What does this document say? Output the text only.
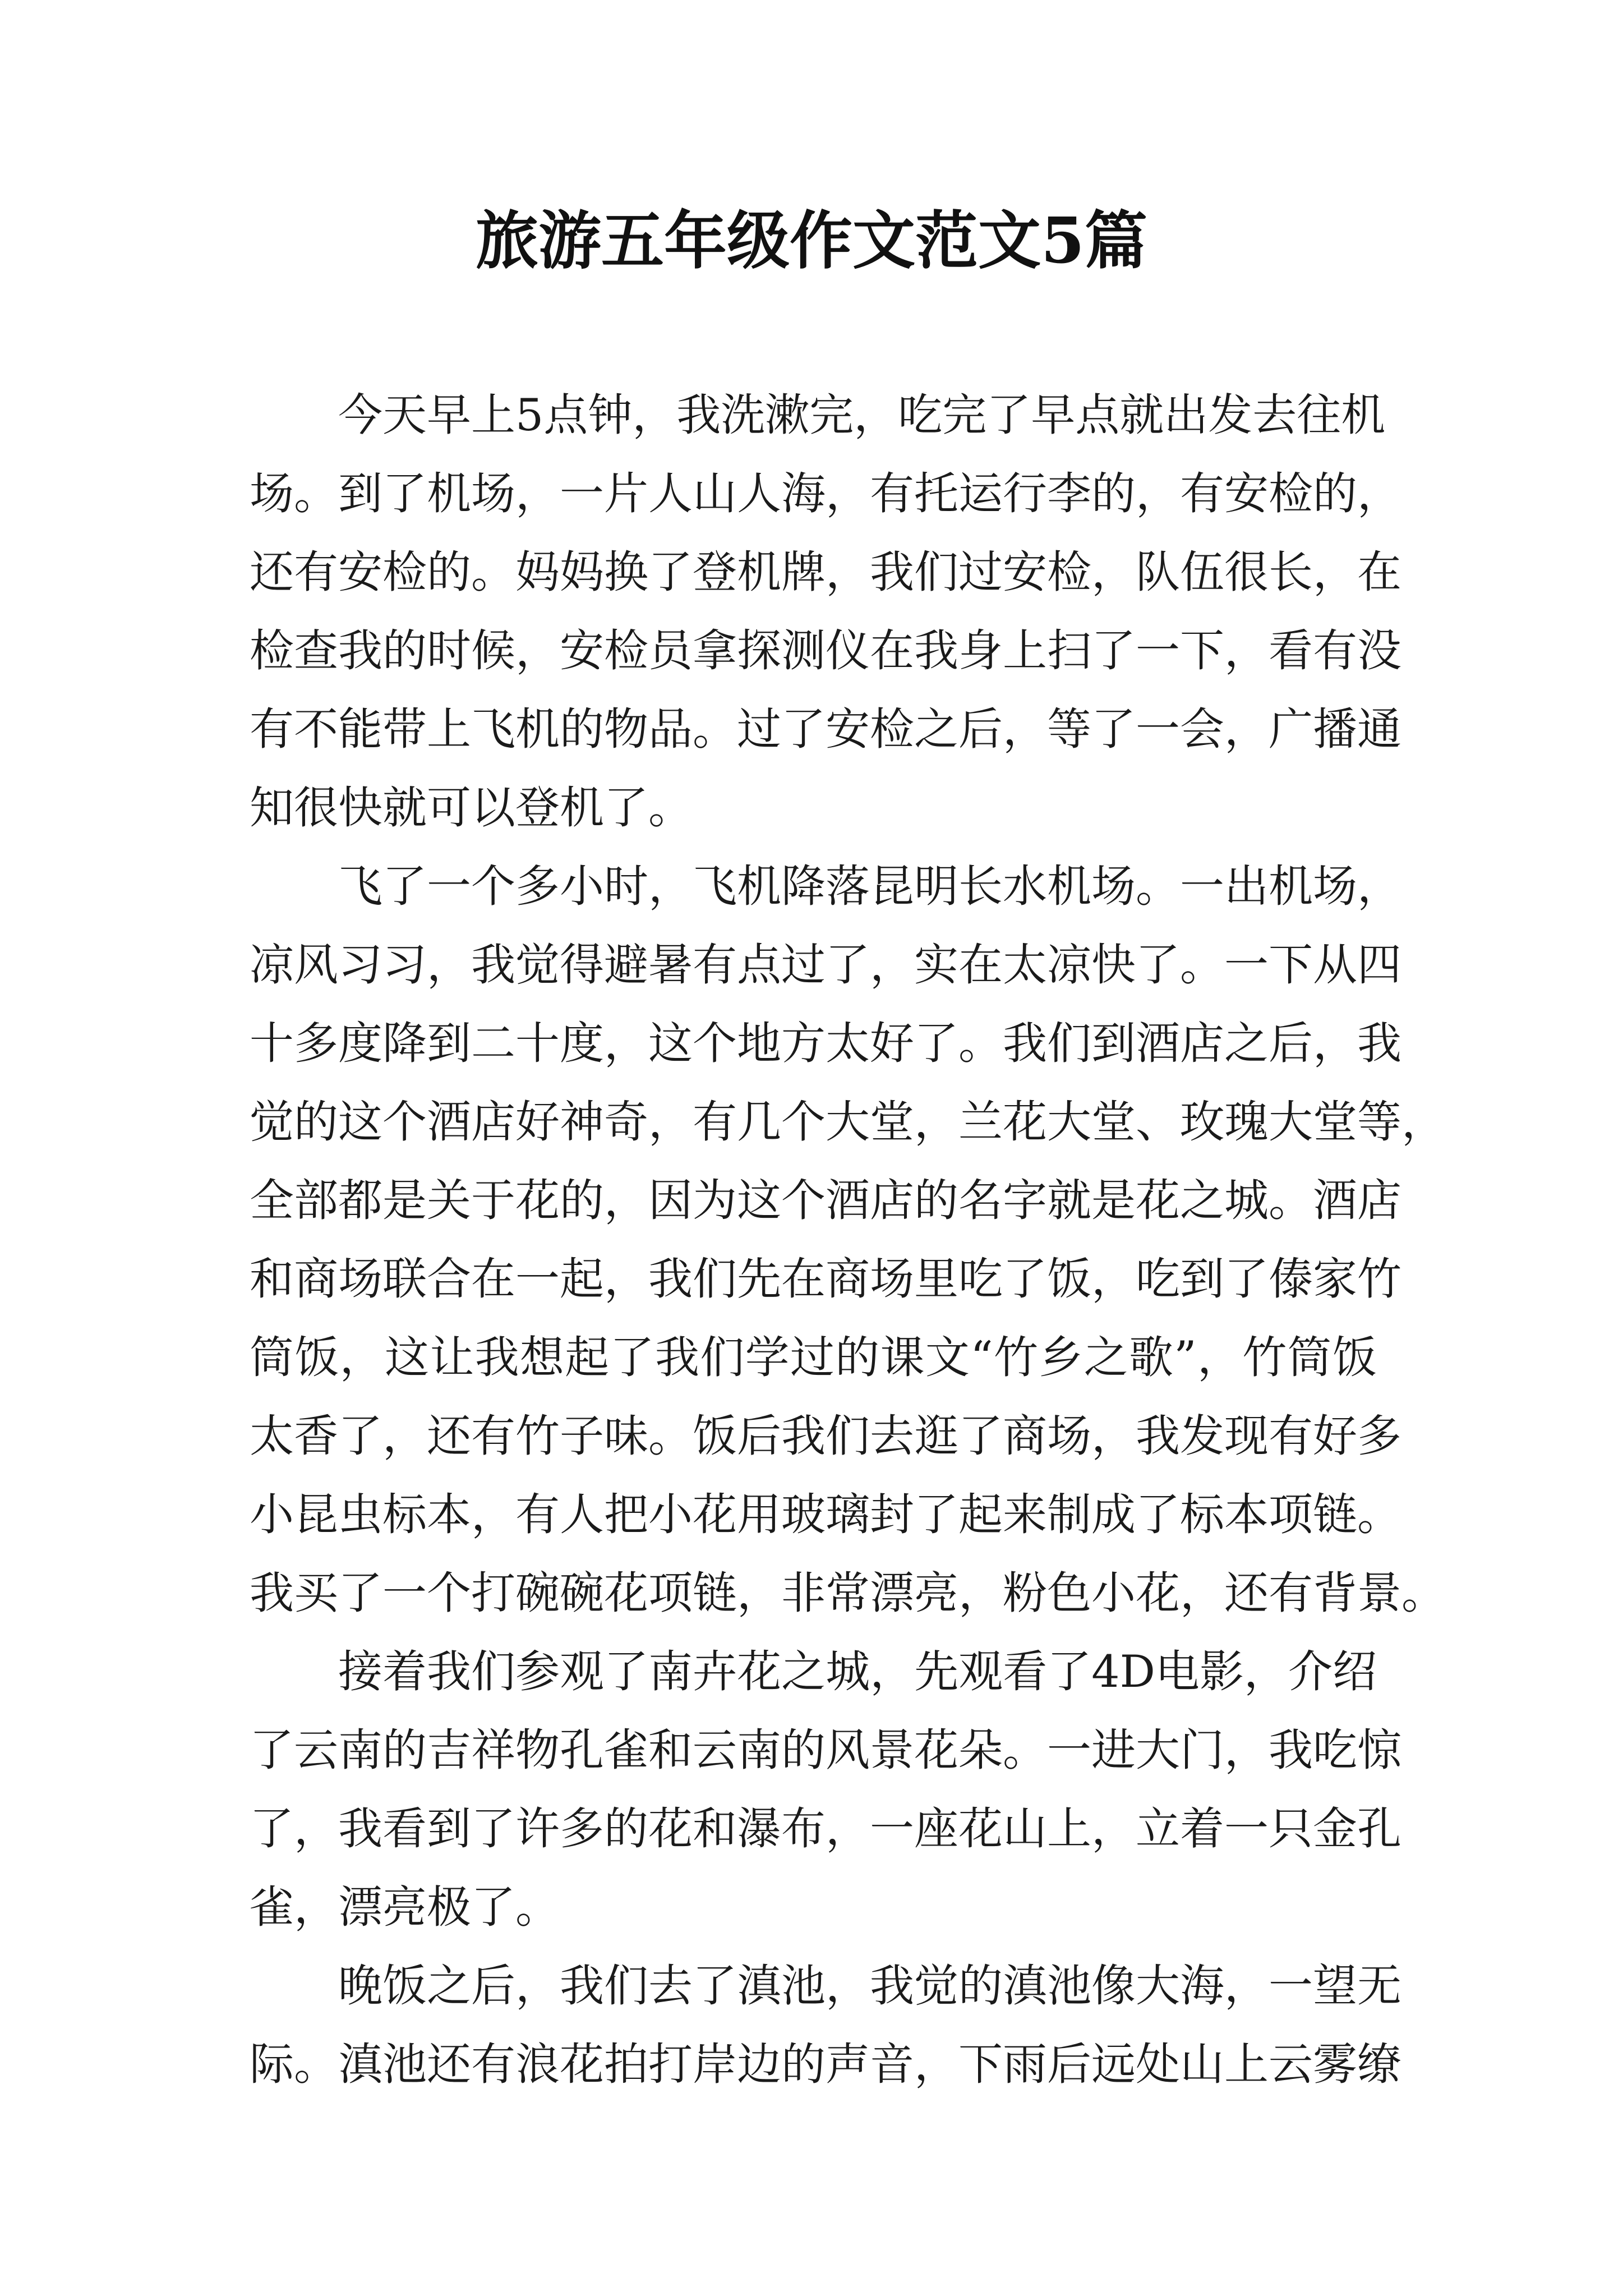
旅游五年级作文范文5篇
今天早上5点钟，我洗漱完，吃完了早点就出发去往机
场。到了机场，一片人山人海，有托运行李的，有安检的，
还有安检的。妈妈换了登机牌，我们过安检，队伍很长，在
检查我的时候，安检员拿探测仪在我身上扫了一下，看有没
有不能带上飞机的物品。过了安检之后，等了一会，广播通
知很快就可以登机了。
飞了一个多小时，飞机降落昆明长水机场。一出机场，
凉风习习，我觉得避暑有点过了，实在太凉快了。一下从四
十多度降到二十度，这个地方太好了。我们到酒店之后，我
觉的这个酒店好神奇，有几个大堂，兰花大堂、玫瑰大堂等，
全部都是关于花的，因为这个酒店的名字就是花之城。酒店
和商场联合在一起，我们先在商场里吃了饭，吃到了傣家竹
筒饭，这让我想起了我们学过的课文“竹乡之歌”，竹筒饭
太香了，还有竹子味。饭后我们去逛了商场，我发现有好多
小昆虫标本，有人把小花用玻璃封了起来制成了标本项链。
我买了一个打碗碗花项链，非常漂亮，粉色小花，还有背景。
接着我们参观了南卉花之城，先观看了4D电影，介绍
了云南的吉祥物孔雀和云南的风景花朵。一进大门，我吃惊
了，我看到了许多的花和瀑布，一座花山上，立着一只金孔
雀，漂亮极了。
晚饭之后，我们去了滇池，我觉的滇池像大海，一望无
际。滇池还有浪花拍打岸边的声音，下雨后远处山上云雾缭
